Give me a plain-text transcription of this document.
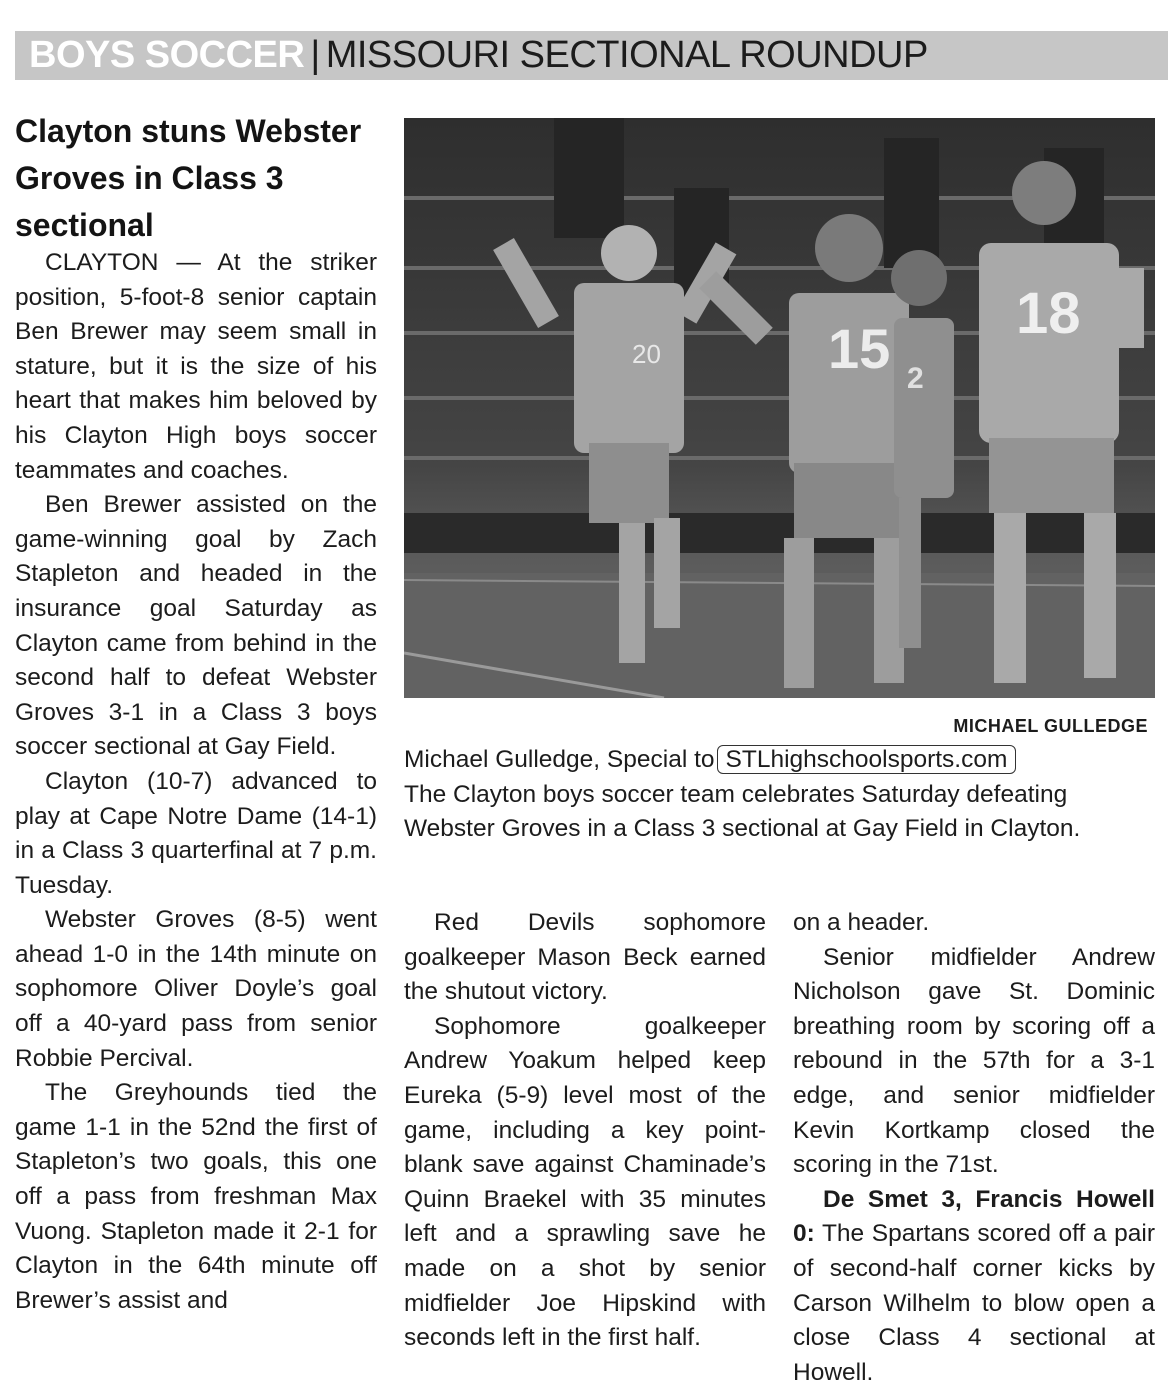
BOYS SOCCER | MISSOURI SECTIONAL ROUNDUP
Clayton stuns Webster Groves in Class 3 sectional

CLAYTON — At the striker position, 5-foot-8 senior captain Ben Brewer may seem small in stature, but it is the size of his heart that makes him beloved by his Clayton High boys soccer teammates and coaches.

Ben Brewer assisted on the game-winning goal by Zach Stapleton and headed in the insurance goal Saturday as Clayton came from behind in the second half to defeat Webster Groves 3-1 in a Class 3 boys soccer sectional at Gay Field.

Clayton (10-7) advanced to play at Cape Notre Dame (14-1) in a Class 3 quarterfinal at 7 p.m. Tuesday.

Webster Groves (8-5) went ahead 1-0 in the 14th minute on sophomore Oliver Doyle’s goal off a 40-yard pass from senior Robbie Percival.

The Greyhounds tied the game 1-1 in the 52nd the first of Stapleton’s two goals, this one off a pass from freshman Max Vuong. Stapleton made it 2-1 for Clayton in the 64th minute off Brewer’s assist and

20	15 2
18
MICHAEL GULLEDGE
Michael Gulledge, Special to STLhighschoolsports.com
The Clayton boys soccer team celebrates Saturday defeating Webster Groves in a Class 3 sectional at Gay Field in Clayton.

Red Devils sophomore goalkeeper Mason Beck earned the shutout victory.

Sophomore goalkeeper Andrew Yoakum helped keep Eureka (5-9) level most of the game, including a key point-blank save against Chaminade’s Quinn Braekel with 35 minutes left and a sprawling save he made on a shot by senior midfielder Joe Hipskind with seconds left in the first half.

on a header.

Senior midfielder Andrew Nicholson gave St. Dominic breathing room by scoring off a rebound in the 57th for a 3-1 edge, and senior midfielder Kevin Kortkamp closed the scoring in the 71st.

De Smet 3, Francis Howell 0: The Spartans scored off a pair of second-half corner kicks by Carson Wilhelm to blow open a close Class 4 sectional at Howell.
